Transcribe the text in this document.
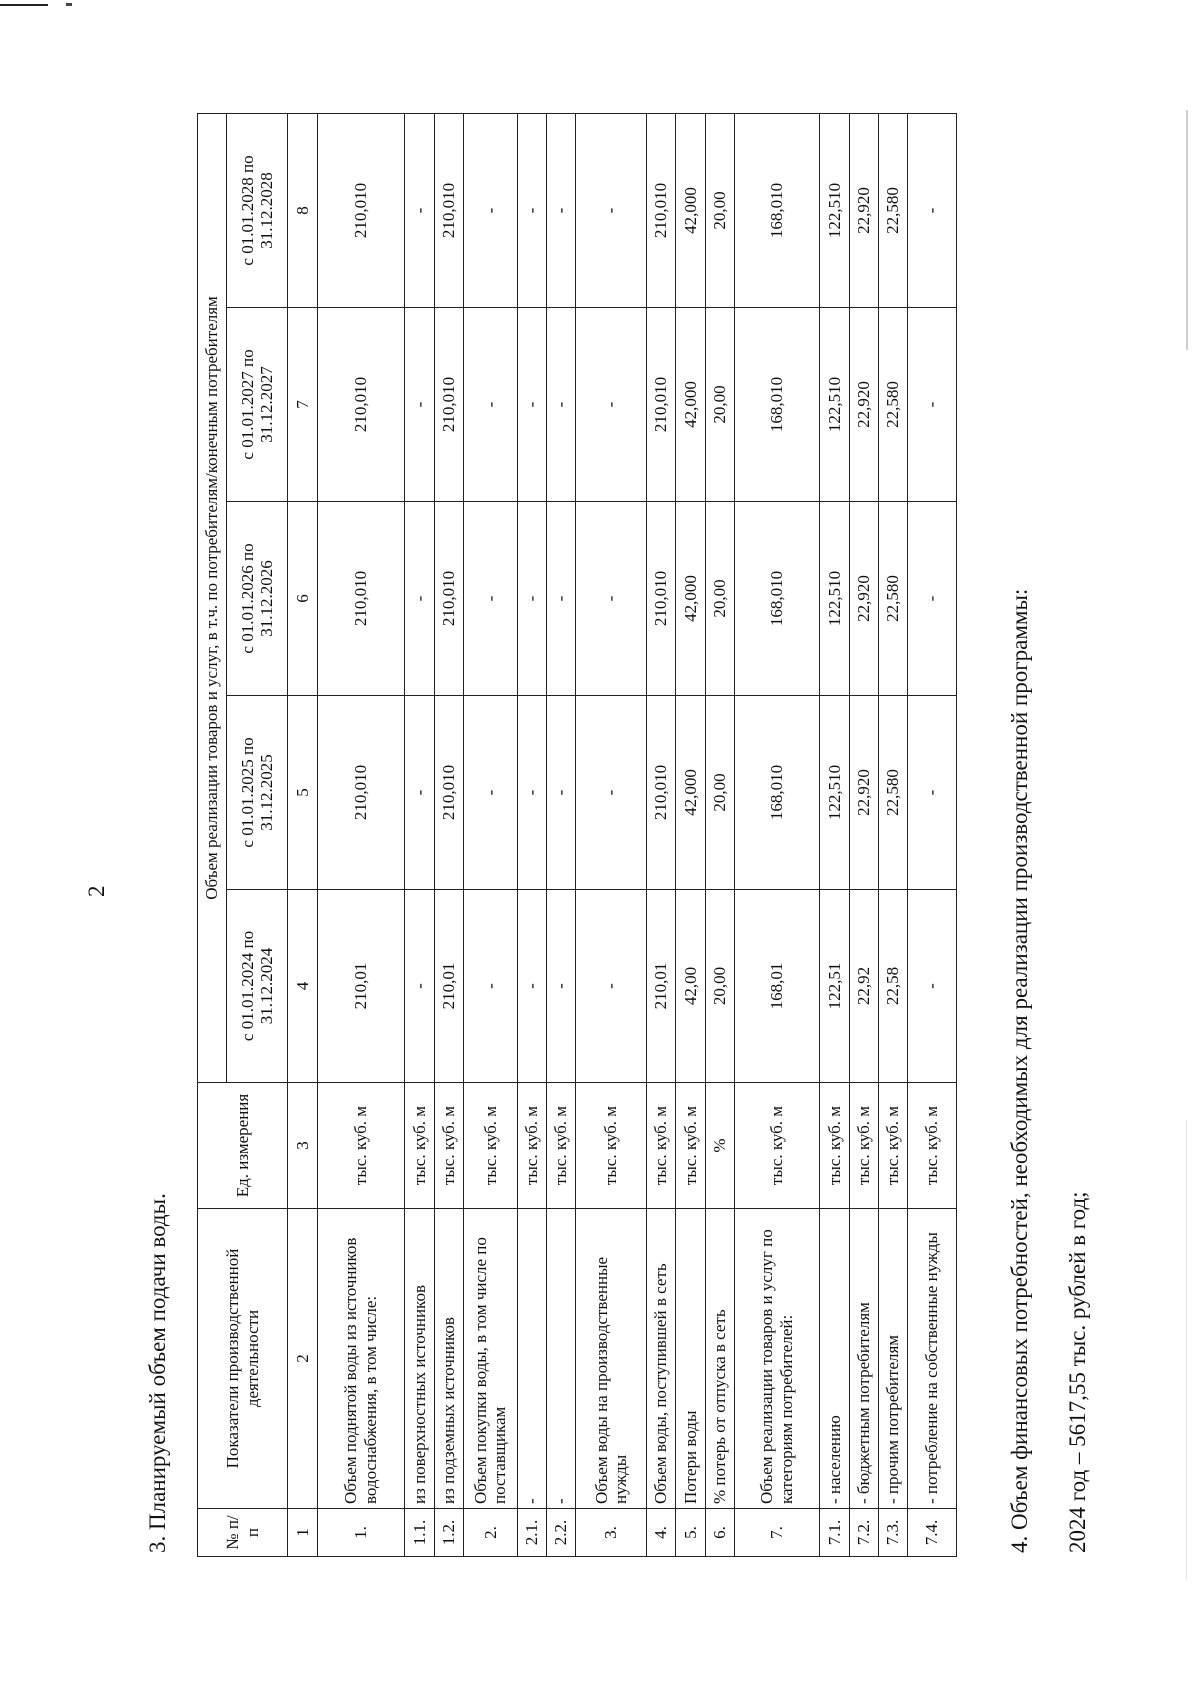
2
3. Планируемый объем подачи воды.	№ п/п	Показатели производственной деятельности	Ед. измерения	Объем реализации товаров и услуг, в т.ч. по потребителям/конечным потребителям				
			с 01.01.2024 по 31.12.2024	с 01.01.2025 по 31.12.2025	с 01.01.2026 по 31.12.2026	с 01.01.2027 по 31.12.2027	с 01.01.2028 по 31.12.2028
1	2	3	4	5	6	7	8
1.	Объем поднятой воды из источников водоснабжения, в том числе:	тыс. куб. м	210,01	210,010	210,010	210,010	210,010
1.1.	из поверхностных источников	тыс. куб. м	-	-	-	-	-
1.2.	из подземных источников	тыс. куб. м	210,01	210,010	210,010	210,010	210,010
2.	Объем покупки воды, в том числе по поставщикам	тыс. куб. м	-	-	-	-	-
2.1.	-	тыс. куб. м	-	-	-	-	-
2.2.	-	тыс. куб. м	-	-	-	-	-
3.	Объем воды на производственные нужды	тыс. куб. м	-	-	-	-	-
4.	Объем воды, поступившей в сеть	тыс. куб. м	210,01	210,010	210,010	210,010	210,010
5.	Потери воды	тыс. куб. м	42,00	42,000	42,000	42,000	42,000
6.	% потерь от отпуска в сеть	%	20,00	20,00	20,00	20,00	20,00
7.	Объем реализации товаров и услуг по категориям потребителей:	тыс. куб. м	168,01	168,010	168,010	168,010	168,010
7.1.	- населению	тыс. куб. м	122,51	122,510	122,510	122,510	122,510
7.2.	- бюджетным потребителям	тыс. куб. м	22,92	22,920	22,920	22,920	22,920
7.3.	- прочим потребителям	тыс. куб. м	22,58	22,580	22,580	22,580	22,580
7.4.	- потребление на собственные нужды	тыс. куб. м	-	-	-	-	-
4. Объем финансовых потребностей, необходимых для реализации производственной программы: 2024 год – 5617,55 тыс. рублей в год;
